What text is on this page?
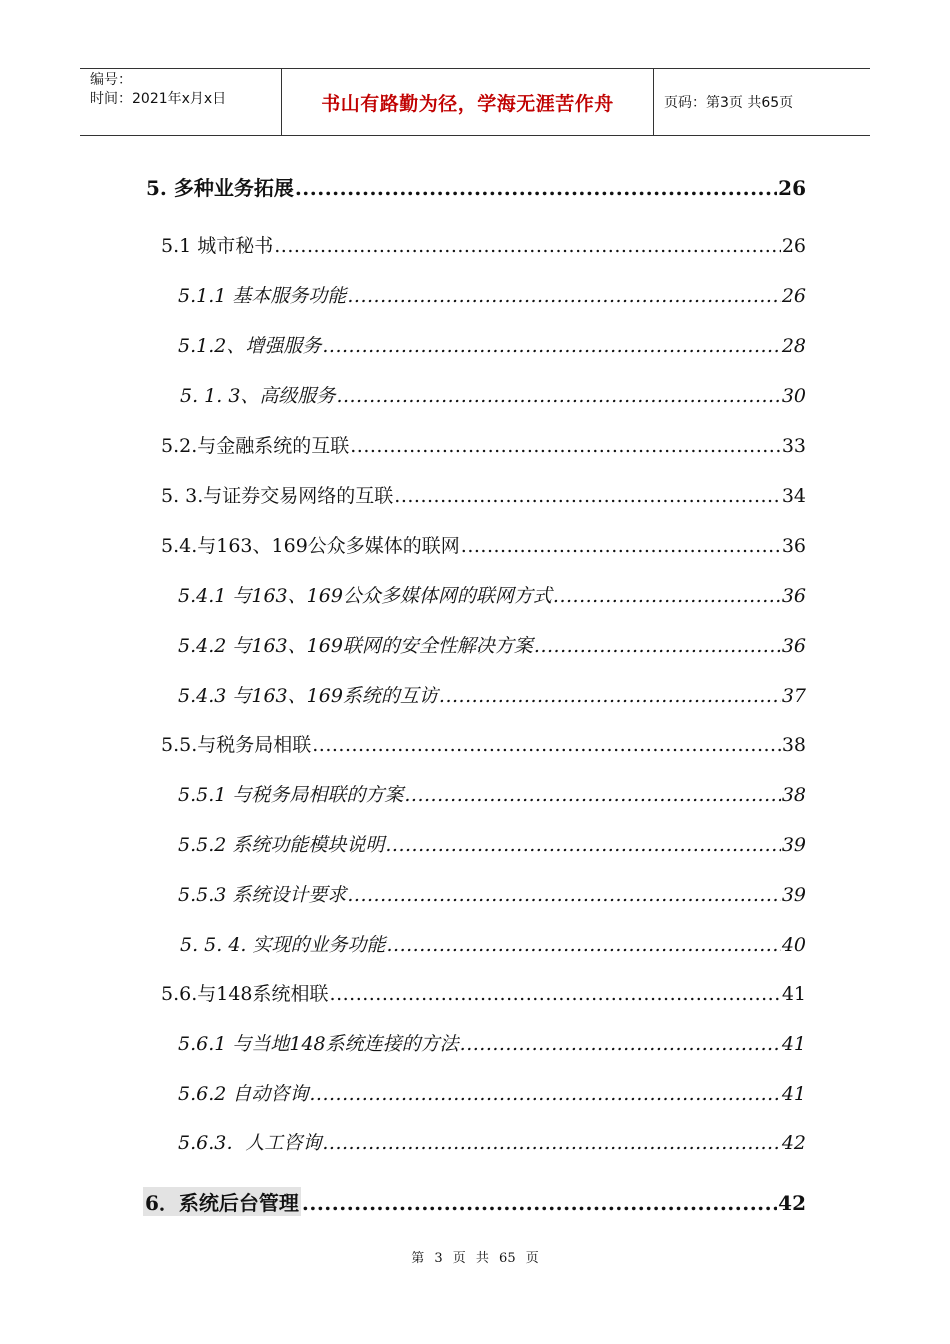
编号：
时间：2021年x月x日	书山有路勤为径，学海无涯苦作舟	页码：第3页 共65页
5. 多种业务拓展 .....	26
5.1 城市秘书 .....	26
5.1.1 基本服务功能 .....	26
5.1.2、增强服务 .....	28
5. 1. 3、高级服务 .....	30
5.2.与金融系统的互联 .....	33
5. 3.与证券交易网络的互联 .....	34
5.4.与163、169公众多媒体的联网 .....	36
5.4.1 与163、169公众多媒体网的联网方式 .....	36
5.4.2 与163、169联网的安全性解决方案 .....	36
5.4.3 与163、169系统的互访 .....	37
5.5.与税务局相联 .....	38
5.5.1 与税务局相联的方案 .....	38
5.5.2 系统功能模块说明 .....	39
5.5.3 系统设计要求 .....	39
5. 5. 4. 实现的业务功能 .....	40
5.6.与148系统相联 .....	41
5.6.1 与当地148系统连接的方法 .....	41
5.6.2 自动咨询 .....	41
5.6.3．人工咨询 .....	42
6．系统后台管理 .....	42
第 3 页 共 65 页
